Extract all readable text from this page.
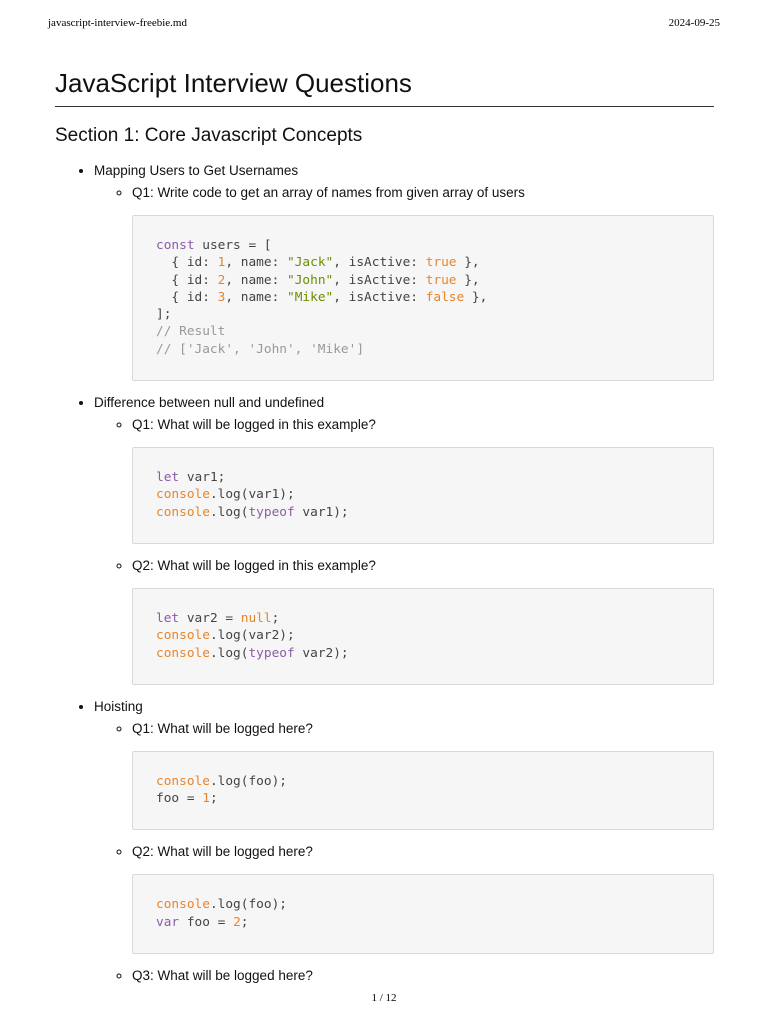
javascript-interview-freebie.md	2024-09-25
JavaScript Interview Questions
Section 1: Core Javascript Concepts
• Mapping Users to Get Usernames
◦ Q1: Write code to get an array of names from given array of users
const users = [
{ id: 1, name: "Jack", isActive: true },
{ id: 2, name: "John", isActive: true },
{ id: 3, name: "Mike", isActive: false },
];
// Result
// ['Jack', 'John', 'Mike']
• Difference between null and undefined
◦ Q1: What will be logged in this example?
let var1;
console.log(var1);
console.log(typeof var1);
◦ Q2: What will be logged in this example?
let var2 = null;
console.log(var2);
console.log(typeof var2);
• Hoisting
◦ Q1: What will be logged here?
console.log(foo);
foo = 1;
◦ Q2: What will be logged here?
console.log(foo);
var foo = 2;
◦ Q3: What will be logged here?
1 / 12
